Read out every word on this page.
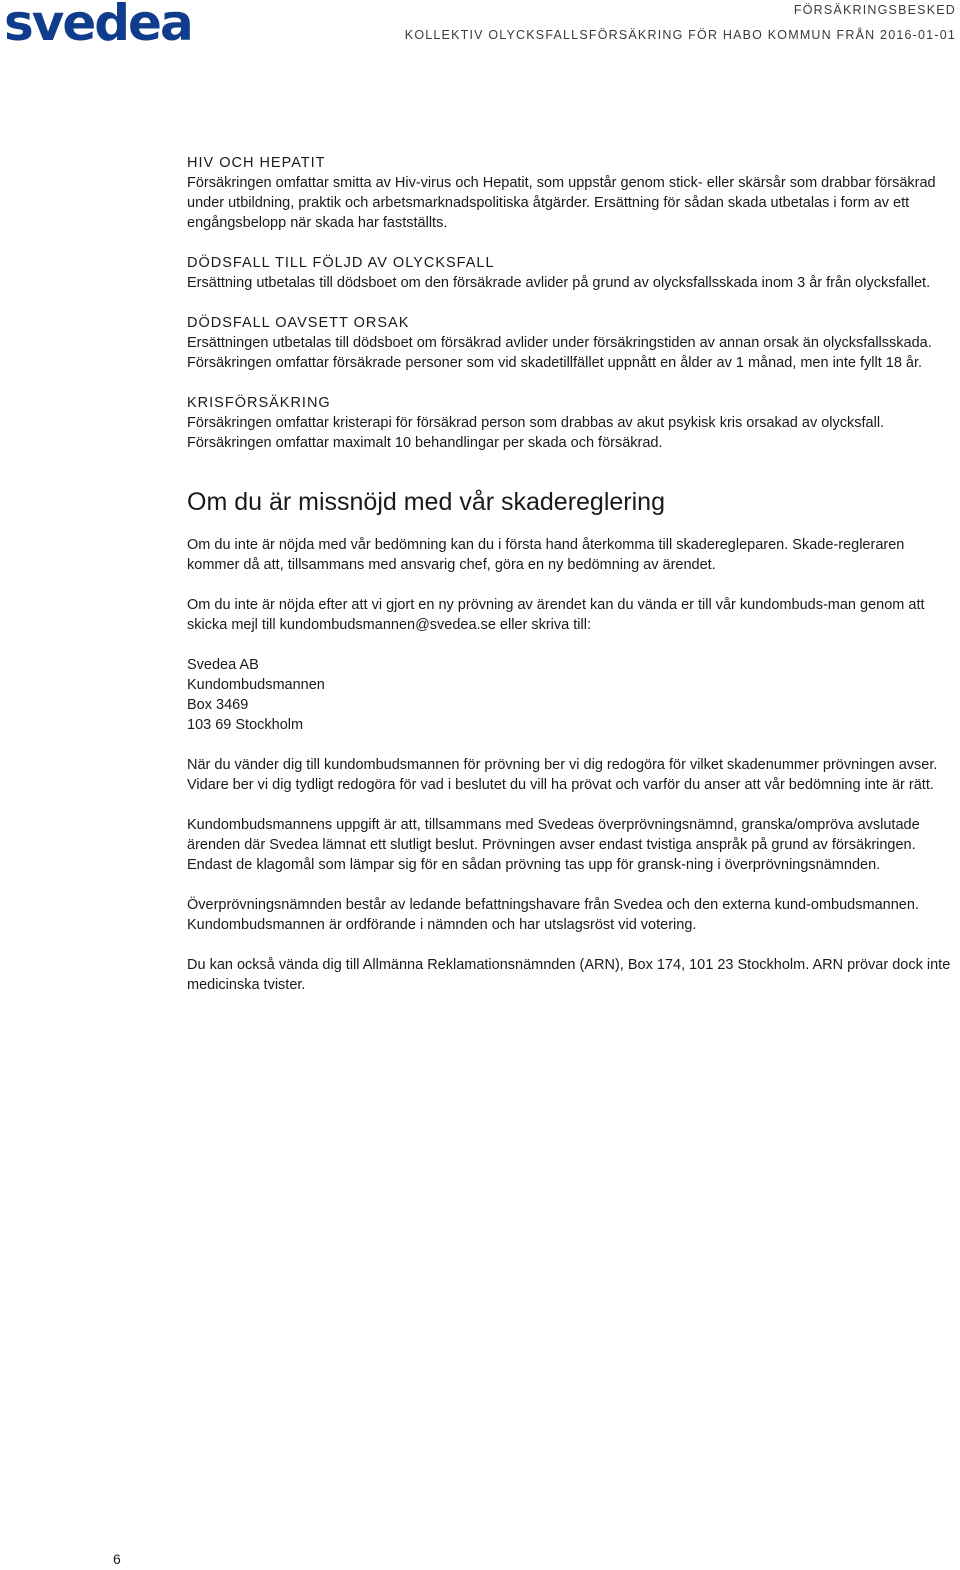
svedea	FÖRSÄKRINGSBESKED
KOLLEKTIV OLYCKSFALLSFÖRSÄKRING FÖR HABO KOMMUN FRÅN 2016-01-01
HIV OCH HEPATIT

Försäkringen omfattar smitta av Hiv-virus och Hepatit, som uppstår genom stick- eller skärsår som drabbar försäkrad under utbildning, praktik och arbetsmarknadspolitiska åtgärder. Ersättning för sådan skada utbetalas i form av ett engångsbelopp när skada har fastställts.

DÖDSFALL TILL FÖLJD AV OLYCKSFALL

Ersättning utbetalas till dödsboet om den försäkrade avlider på grund av olycksfallsskada inom 3 år från olycksfallet.

DÖDSFALL OAVSETT ORSAK

Ersättningen utbetalas till dödsboet om försäkrad avlider under försäkringstiden av annan orsak än olycksfallsskada. Försäkringen omfattar försäkrade personer som vid skadetillfället uppnått en ålder av 1 månad, men inte fyllt 18 år.

KRISFÖRSÄKRING

Försäkringen omfattar kristerapi för försäkrad person som drabbas av akut psykisk kris orsakad av olycksfall. Försäkringen omfattar maximalt 10 behandlingar per skada och försäkrad.

Om du är missnöjd med vår skadereglering

Om du inte är nöjda med vår bedömning kan du i första hand återkomma till skadereglераren. Skade-regleraren kommer då att, tillsammans med ansvarig chef, göra en ny bedömning av ärendet.

Om du inte är nöjda efter att vi gjort en ny prövning av ärendet kan du vända er till vår kundombuds-man genom att skicka mejl till kundombudsmannen@svedea.se eller skriva till:

Svedea AB
Kundombudsmannen
Box 3469
103 69 Stockholm

När du vänder dig till kundombudsmannen för prövning ber vi dig redogöra för vilket skadenummer prövningen avser. Vidare ber vi dig tydligt redogöra för vad i beslutet du vill ha prövat och varför du anser att vår bedömning inte är rätt.

Kundombudsmannens uppgift är att, tillsammans med Svedeas överprövningsnämnd, granska/ompröva avslutade ärenden där Svedea lämnat ett slutligt beslut. Prövningen avser endast tvistiga anspråk på grund av försäkringen. Endast de klagomål som lämpar sig för en sådan prövning tas upp för gransk-ning i överprövningsnämnden.

Överprövningsnämnden består av ledande befattningshavare från Svedea och den externa kund-ombudsmannen. Kundombudsmannen är ordförande i nämnden och har utslagsröst vid votering.

Du kan också vända dig till Allmänna Reklamationsnämnden (ARN), Box 174, 101 23 Stockholm. ARN prövar dock inte medicinska tvister.

6
